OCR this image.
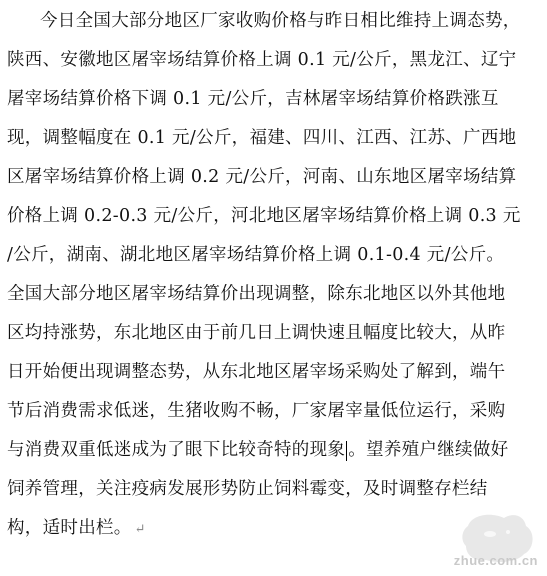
今日全国大部分地区厂家收购价格与昨日相比维持上调态势，
陕西、安徽地区屠宰场结算价格上调 0.1 元/公斤，黑龙江、辽宁
屠宰场结算价格下调 0.1 元/公斤，吉林屠宰场结算价格跌涨互
现，调整幅度在 0.1 元/公斤，福建、四川、江西、江苏、广西地
区屠宰场结算价格上调 0.2 元/公斤，河南、山东地区屠宰场结算
价格上调 0.2-0.3 元/公斤，河北地区屠宰场结算价格上调 0.3 元
/公斤，湖南、湖北地区屠宰场结算价格上调 0.1-0.4 元/公斤。
全国大部分地区屠宰场结算价出现调整，除东北地区以外其他地
区均持涨势，东北地区由于前几日上调快速且幅度比较大，从昨
日开始便出现调整态势，从东北地区屠宰场采购处了解到，端午
节后消费需求低迷，生猪收购不畅，厂家屠宰量低位运行，采购
与消费双重低迷成为了眼下比较奇特的现象 。望养殖户继续做好
饲养管理，关注疫病发展形势防止饲料霉变，及时调整存栏结
构，适时出栏。 ↵
zhue.com.cn
